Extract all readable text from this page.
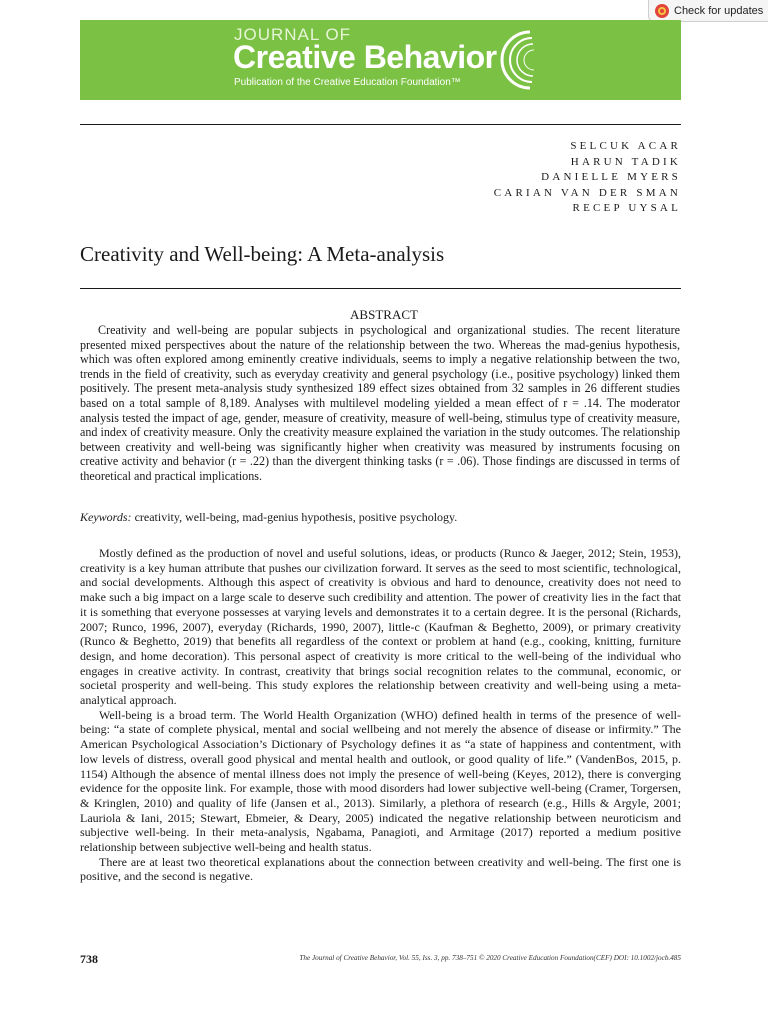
Check for updates
JOURNAL OF
Creative Behavior
Publication of the Creative Education Foundation™
SELCUK ACAR
HARUN TADIK
DANIELLE MYERS
CARIAN VAN DER SMAN
RECEP UYSAL
Creativity and Well-being: A Meta-analysis
ABSTRACT

Creativity and well-being are popular subjects in psychological and organizational studies. The recent literature presented mixed perspectives about the nature of the relationship between the two. Whereas the mad-genius hypothesis, which was often explored among eminently creative individuals, seems to imply a negative relationship between the two, trends in the field of creativity, such as everyday creativity and general psychology (i.e., positive psychology) linked them positively. The present meta-analysis study synthesized 189 effect sizes obtained from 32 samples in 26 different studies based on a total sample of 8,189. Analyses with multilevel modeling yielded a mean effect of r = .14. The moderator analysis tested the impact of age, gender, measure of creativity, measure of well-being, stimulus type of creativity measure, and index of creativity measure. Only the creativity measure explained the variation in the study outcomes. The relationship between creativity and well-being was significantly higher when creativity was measured by instruments focusing on creative activity and behavior (r = .22) than the divergent thinking tasks (r = .06). Those findings are discussed in terms of theoretical and practical implications.

Keywords: creativity, well-being, mad-genius hypothesis, positive psychology.

Mostly defined as the production of novel and useful solutions, ideas, or products (Runco & Jaeger, 2012; Stein, 1953), creativity is a key human attribute that pushes our civilization forward. It serves as the seed to most scientific, technological, and social developments. Although this aspect of creativity is obvious and hard to denounce, creativity does not need to make such a big impact on a large scale to deserve such credibility and attention. The power of creativity lies in the fact that it is something that everyone possesses at varying levels and demonstrates it to a certain degree. It is the personal (Richards, 2007; Runco, 1996, 2007), everyday (Richards, 1990, 2007), little-c (Kaufman & Beghetto, 2009), or primary creativity (Runco & Beghetto, 2019) that benefits all regardless of the context or problem at hand (e.g., cooking, knitting, furniture design, and home decoration). This personal aspect of creativity is more critical to the well-being of the individual who engages in creative activity. In contrast, creativity that brings social recognition relates to the communal, economic, or societal prosperity and well-being. This study explores the relationship between creativity and well-being using a meta-analytical approach.

Well-being is a broad term. The World Health Organization (WHO) defined health in terms of the presence of well-being: “a state of complete physical, mental and social wellbeing and not merely the absence of disease or infirmity.” The American Psychological Association’s Dictionary of Psychology defines it as “a state of happiness and contentment, with low levels of distress, overall good physical and mental health and outlook, or good quality of life.” (VandenBos, 2015, p. 1154) Although the absence of mental illness does not imply the presence of well-being (Keyes, 2012), there is converging evidence for the opposite link. For example, those with mood disorders had lower subjective well-being (Cramer, Torgersen, & Kringlen, 2010) and quality of life (Jansen et al., 2013). Similarly, a plethora of research (e.g., Hills & Argyle, 2001; Lauriola & Iani, 2015; Stewart, Ebmeier, & Deary, 2005) indicated the negative relationship between neuroticism and subjective well-being. In their meta-analysis, Ngabama, Panagioti, and Armitage (2017) reported a medium positive relationship between subjective well-being and health status.

There are at least two theoretical explanations about the connection between creativity and well-being. The first one is positive, and the second is negative.

738	The Journal of Creative Behavior, Vol. 55, Iss. 3, pp. 738–751 © 2020 Creative Education Foundation(CEF) DOI: 10.1002/jocb.485
